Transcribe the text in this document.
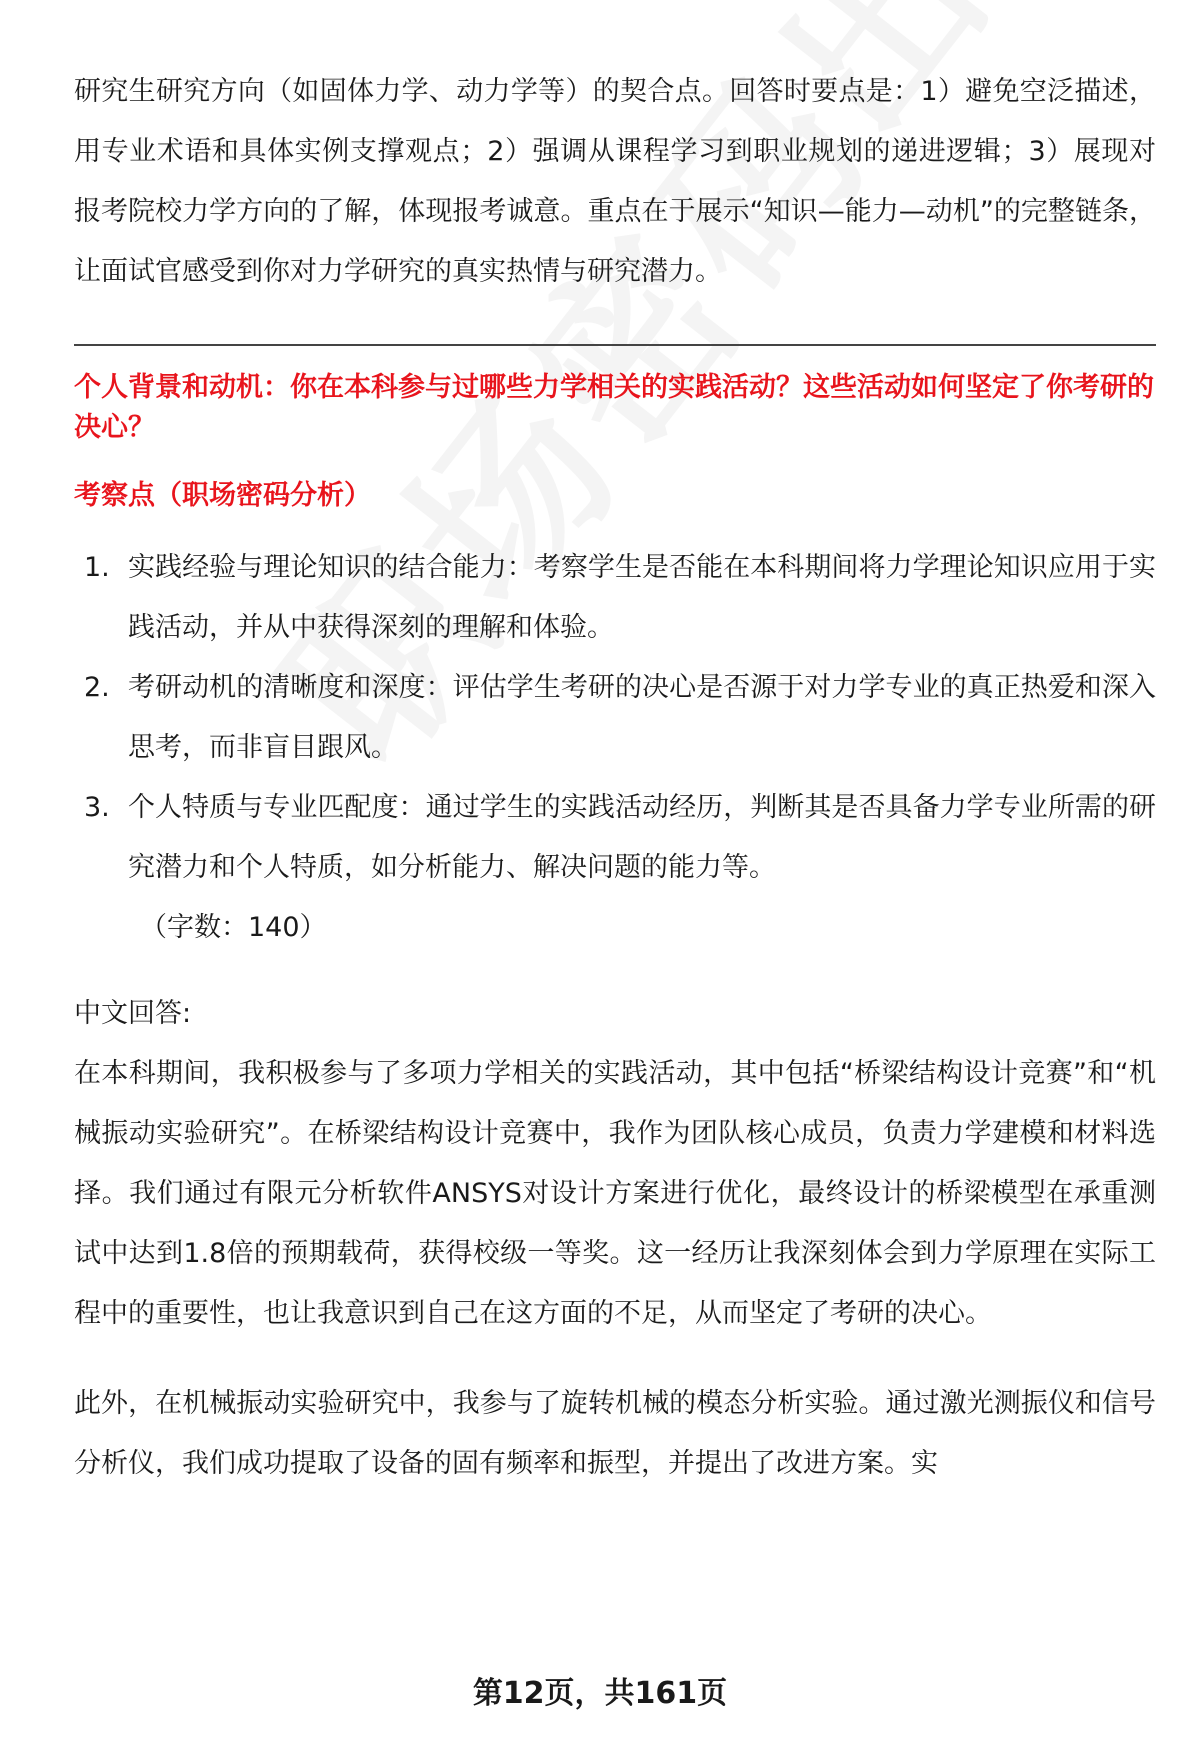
研究生研究方向（如固体力学、动力学等）的契合点。回答时要点是：1）避免空泛描述，用专业术语和具体实例支撑观点；2）强调从课程学习到职业规划的递进逻辑；3）展现对报考院校力学方向的了解，体现报考诚意。重点在于展示“知识—能力—动机”的完整链条，让面试官感受到你对力学研究的真实热情与研究潜力。

个人背景和动机：你在本科参与过哪些力学相关的实践活动？这些活动如何坚定了你考研的决心？
考察点（职场密码分析）
1. 实践经验与理论知识的结合能力：考察学生是否能在本科期间将力学理论知识应用于实践活动，并从中获得深刻的理解和体验。
2. 考研动机的清晰度和深度：评估学生考研的决心是否源于对力学专业的真正热爱和深入思考，而非盲目跟风。
3. 个人特质与专业匹配度：通过学生的实践活动经历，判断其是否具备力学专业所需的研究潜力和个人特质，如分析能力、解决问题的能力等。
（字数：140）

中文回答:

在本科期间，我积极参与了多项力学相关的实践活动，其中包括“桥梁结构设计竞赛”和“机械振动实验研究”。在桥梁结构设计竞赛中，我作为团队核心成员，负责力学建模和材料选择。我们通过有限元分析软件ANSYS对设计方案进行优化，最终设计的桥梁模型在承重测试中达到1.8倍的预期载荷，获得校级一等奖。这一经历让我深刻体会到力学原理在实际工程中的重要性，也让我意识到自己在这方面的不足，从而坚定了考研的决心。

此外，在机械振动实验研究中，我参与了旋转机械的模态分析实验。通过激光测振仪和信号分析仪，我们成功提取了设备的固有频率和振型，并提出了改进方案。实

第12页，共161页
